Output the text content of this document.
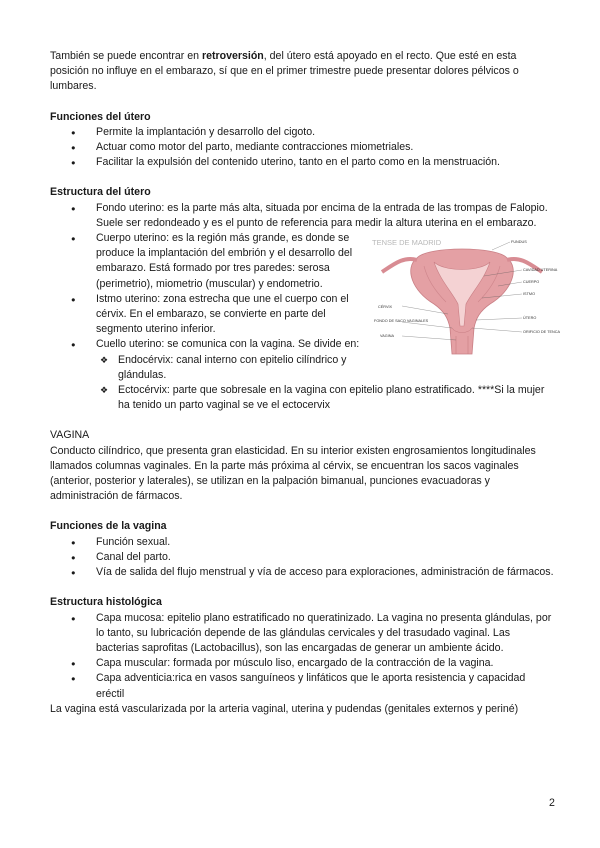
También se puede encontrar en retroversión, del útero está apoyado en el recto. Que esté en esta posición no influye en el embarazo, sí que en el primer trimestre puede presentar dolores pélvicos o lumbares.

Funciones del útero

● Permite la implantación y desarrollo del cigoto.
● Actuar como motor del parto, mediante contracciones miometriales.
● Facilitar la expulsión del contenido uterino, tanto en el parto como en la menstruación.

Estructura del útero

● Fondo uterino: es la parte más alta, situada por encima de la entrada de las trompas de Falopio. Suele ser redondeado y es el punto de referencia para medir la altura uterina en el embarazo.
● Cuerpo uterino: es la región más grande, es donde se produce la implantación del embrión y el desarrollo del embarazo. Está formado por tres paredes: serosa (perimetrio), miometrio (muscular) y endometrio.
● Istmo uterino: zona estrecha que une el cuerpo con el cérvix. En el embarazo, se convierte en parte del segmento uterino inferior.
● Cuello uterino: se comunica con la vagina. Se divide en:
❖ Endocérvix: canal interno con epitelio cilíndrico y glándulas.
❖ Ectocérvix: parte que sobresale en la vagina con epitelio plano estratificado. ****Si la mujer ha tenido un parto vaginal se ve el ectocervix

VAGINA

Conducto cilíndrico, que presenta gran elasticidad. En su interior existen engrosamientos longitudinales llamados columnas vaginales. En la parte más próxima al cérvix, se encuentran los sacos vaginales (anterior, posterior y laterales), se utilizan en la palpación bimanual, punciones evacuadoras y administración de fármacos.

Funciones de la vagina

● Función sexual.
● Canal del parto.
● Vía de salida del flujo menstrual y vía de acceso para exploraciones, administración de fármacos.

Estructura histológica

● Capa mucosa: epitelio plano estratificado no queratinizado. La vagina no presenta glándulas, por lo tanto, su lubricación depende de las glándulas cervicales y del trasudado vaginal. Las bacterias saprofitas (Lactobacillus), son las encargadas de generar un ambiente ácido.
● Capa muscular: formada por músculo liso, encargado de la contracción de la vagina.
● Capa adventicia:rica en vasos sanguíneos y linfáticos que le aporta resistencia y capacidad eréctil

La vagina está vascularizada por la arteria vaginal, uterina y pudendas (genitales externos y periné)

TENSE DE MADRID	FUNDUS
CAVIDAD UTERINA
CUERPO
ISTMO
CÉRVIX
ÚTERO
FONDO DE SACO VAGINALES
VAGINA
ORIFICIO DE TENCA
2
